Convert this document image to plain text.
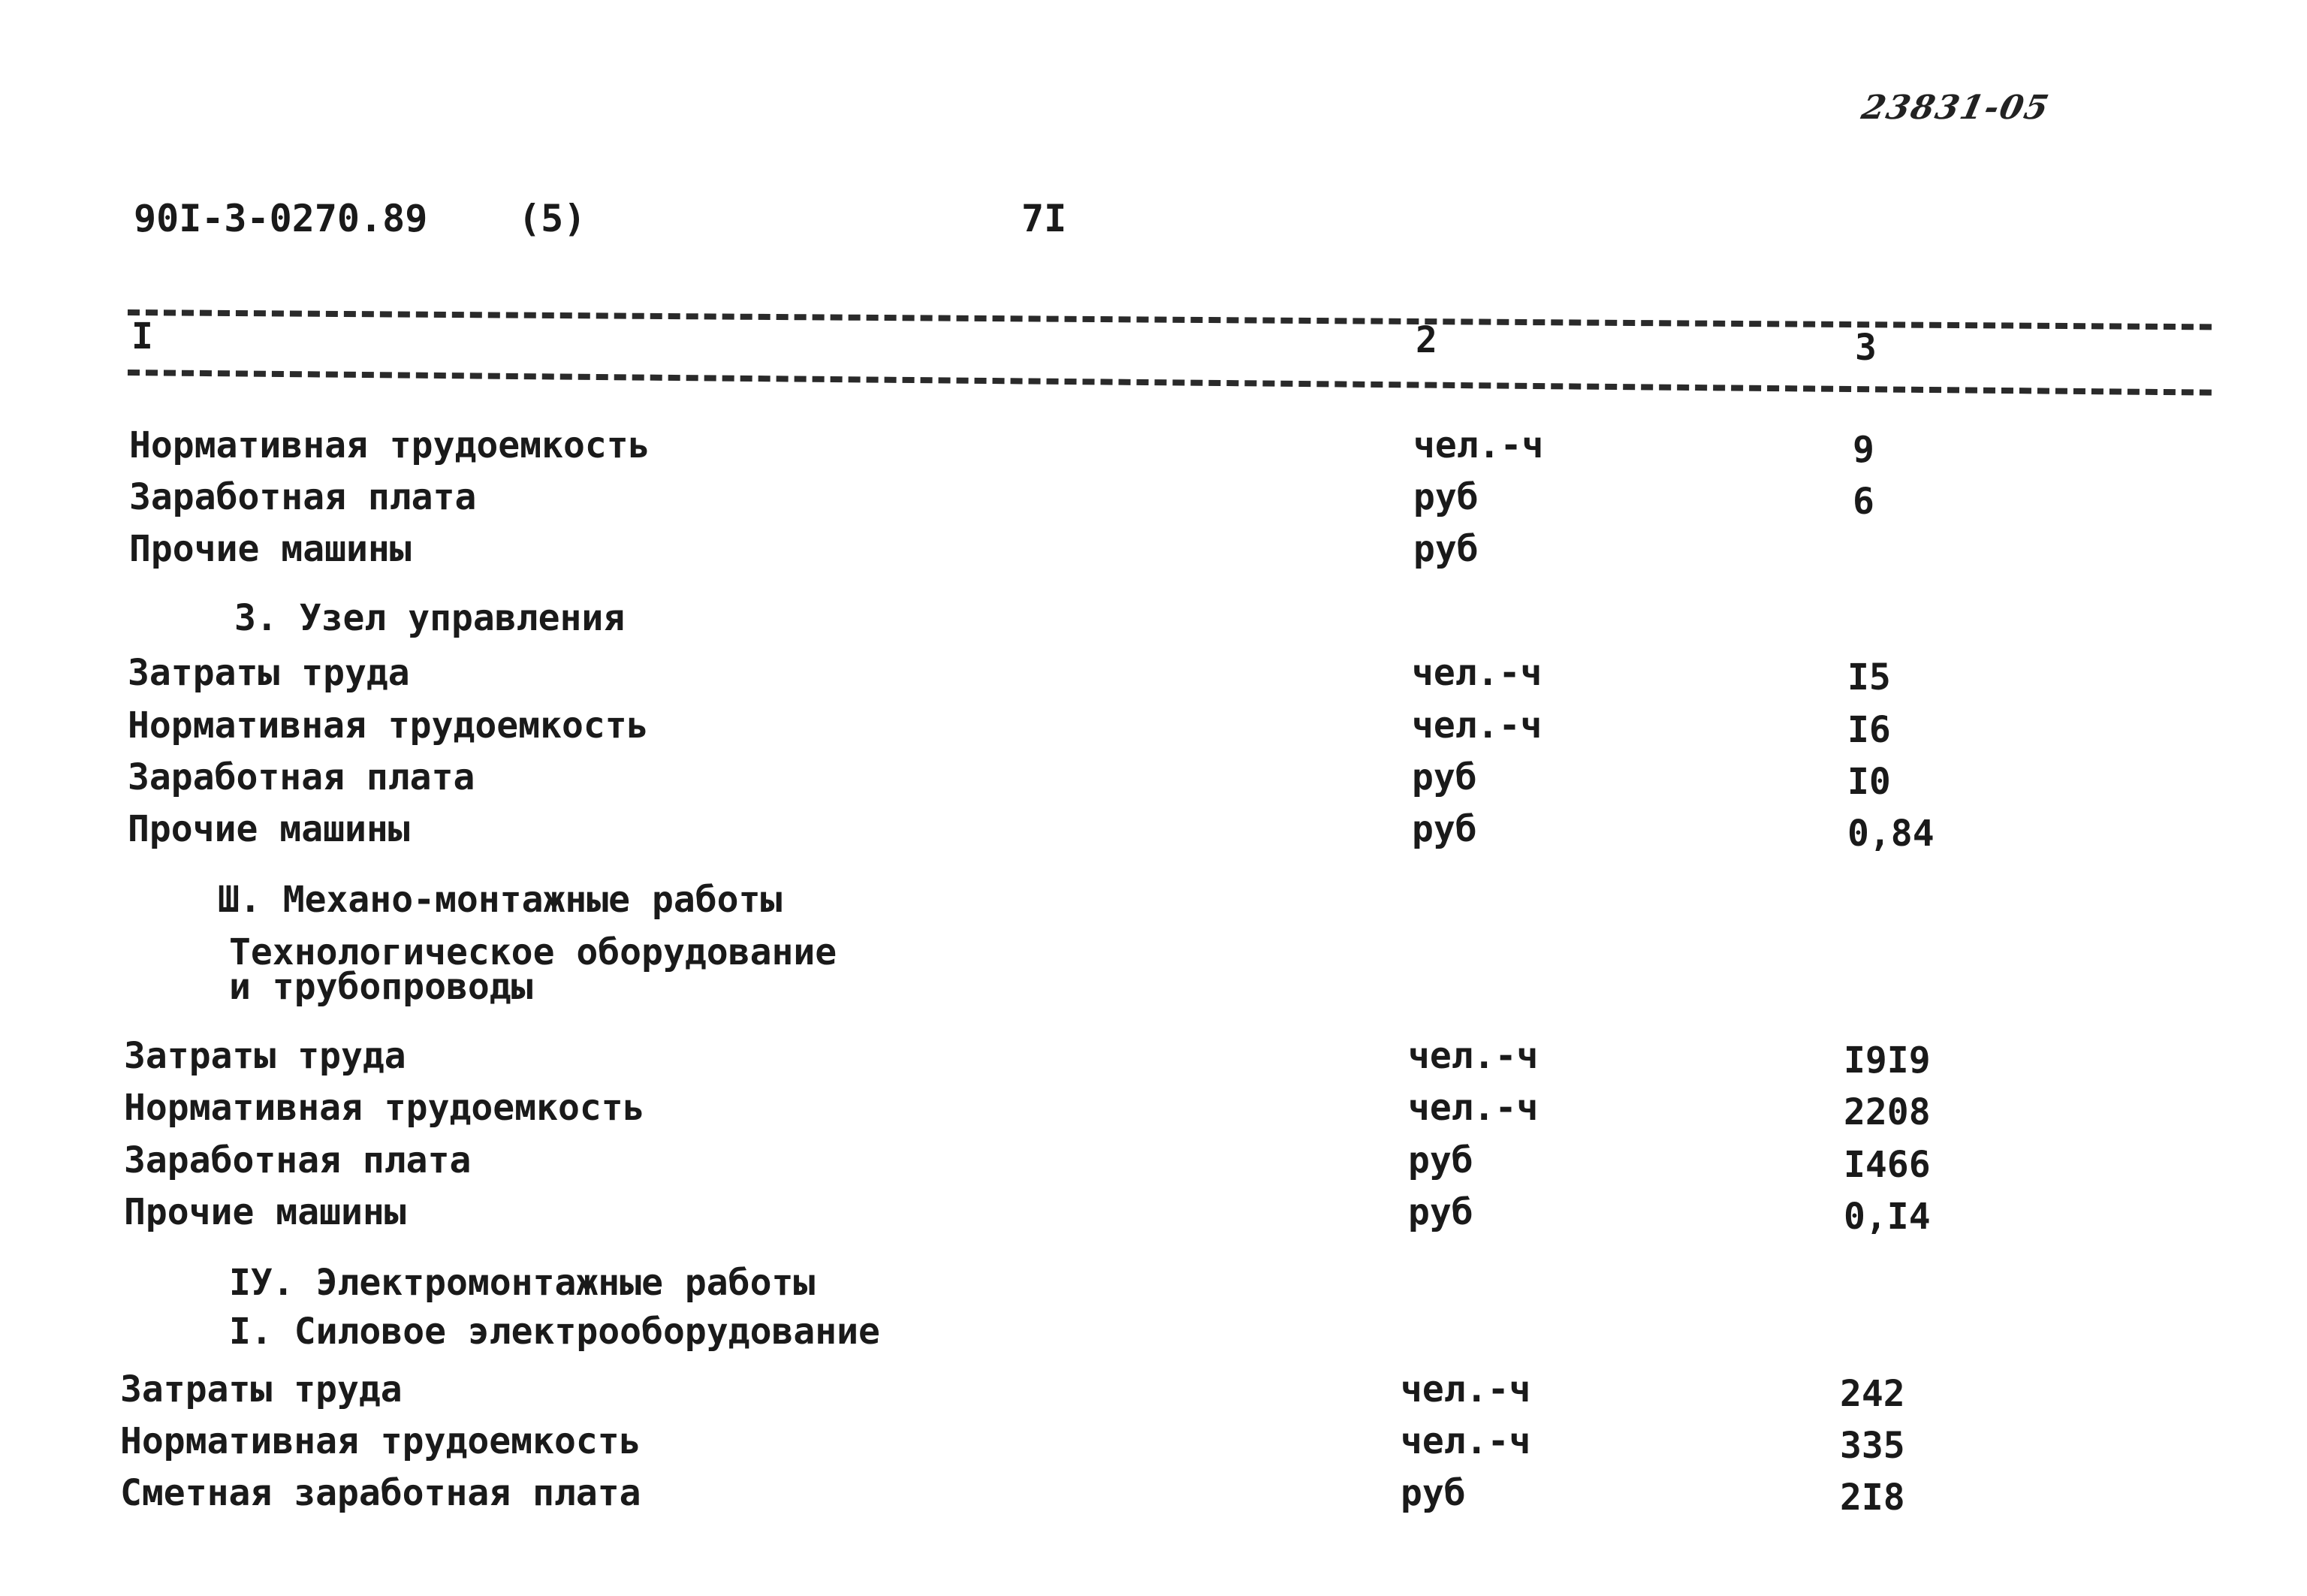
23831-05
90I-3-0270.89 (5)	7I
I	2	3
Нормативная трудоемкость	чел.-ч	9
Заработная плата	руб	6
Прочие машины	руб
3. Узел управления
Затраты труда	чел.-ч	I5
Нормативная трудоемкость	чел.-ч	I6
Заработная плата	руб	I0
Прочие машины	руб	0,84
Ш. Механо-монтажные работы
Технологическое оборудование
и трубопроводы
Затраты труда	чел.-ч	I9I9
Нормативная трудоемкость	чел.-ч	2208
Заработная плата	руб	I466
Прочие машины	руб	0,I4
IУ. Электромонтажные работы
I. Силовое электрооборудование
Затраты труда	чел.-ч	242
Нормативная трудоемкость	чел.-ч	335
Сметная заработная плата	руб	2I8
